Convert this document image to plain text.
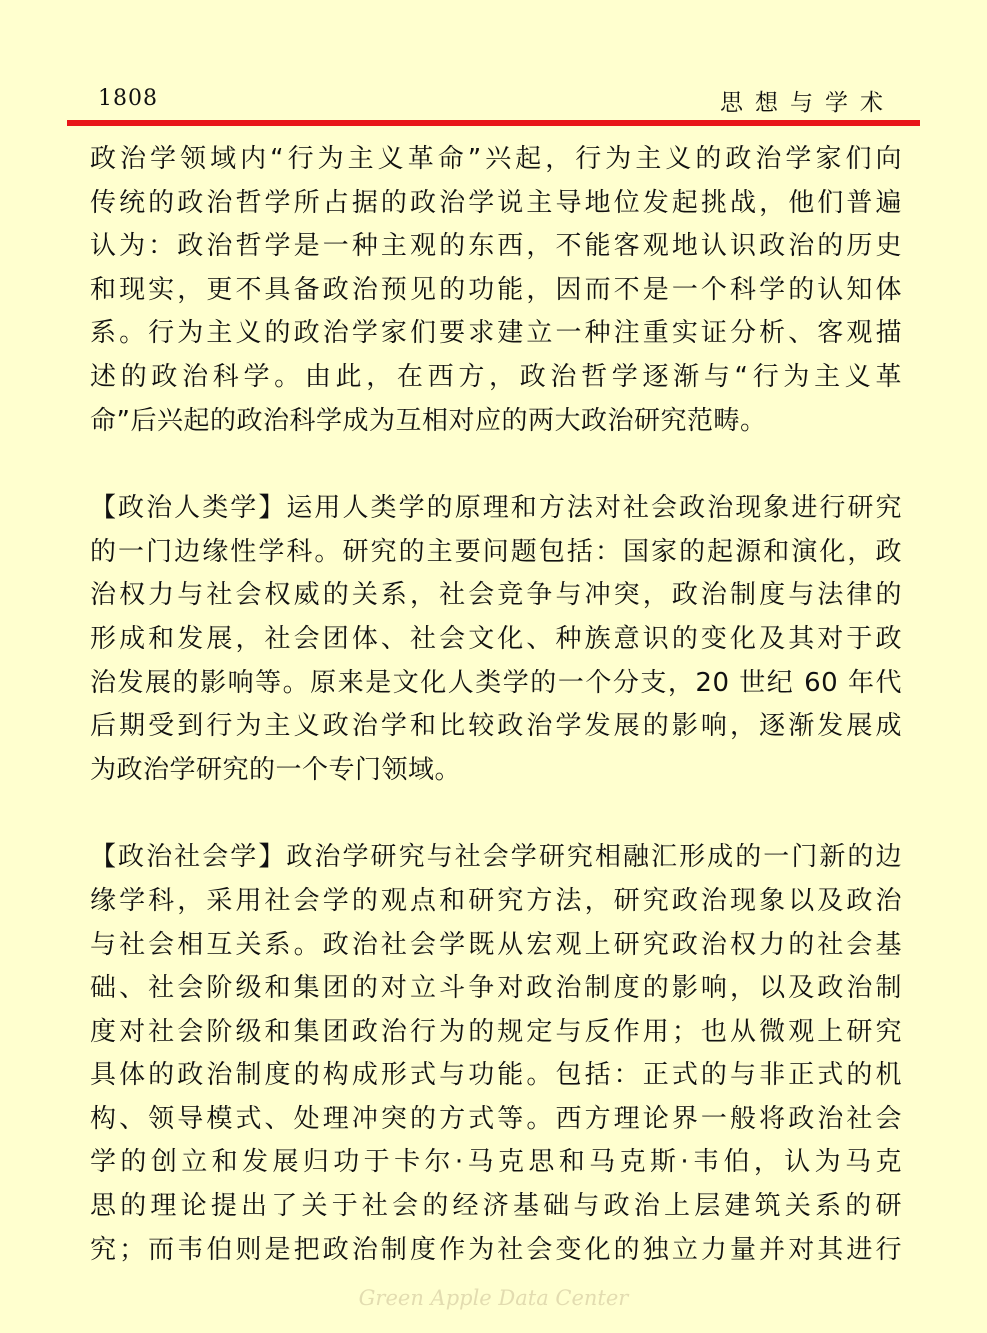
1808	思想与学术
政治学领域内“行为主义革命”兴起，行为主义的政治学家们向
传统的政治哲学所占据的政治学说主导地位发起挑战，他们普遍
认为：政治哲学是一种主观的东西，不能客观地认识政治的历史
和现实，更不具备政治预见的功能，因而不是一个科学的认知体
系。行为主义的政治学家们要求建立一种注重实证分析、客观描
述的政治科学。由此，在西方，政治哲学逐渐与“行为主义革
命”后兴起的政治科学成为互相对应的两大政治研究范畴。
【政治人类学】运用人类学的原理和方法对社会政治现象进行研究
的一门边缘性学科。研究的主要问题包括：国家的起源和演化，政
治权力与社会权威的关系，社会竞争与冲突，政治制度与法律的
形成和发展，社会团体、社会文化、种族意识的变化及其对于政
治发展的影响等。原来是文化人类学的一个分支，20 世纪 60 年代
后期受到行为主义政治学和比较政治学发展的影响，逐渐发展成
为政治学研究的一个专门领域。
【政治社会学】政治学研究与社会学研究相融汇形成的一门新的边
缘学科，采用社会学的观点和研究方法，研究政治现象以及政治
与社会相互关系。政治社会学既从宏观上研究政治权力的社会基
础、社会阶级和集团的对立斗争对政治制度的影响，以及政治制
度对社会阶级和集团政治行为的规定与反作用；也从微观上研究
具体的政治制度的构成形式与功能。包括：正式的与非正式的机
构、领导模式、处理冲突的方式等。西方理论界一般将政治社会
学的创立和发展归功于卡尔·马克思和马克斯·韦伯，认为马克
思的理论提出了关于社会的经济基础与政治上层建筑关系的研
究；而韦伯则是把政治制度作为社会变化的独立力量并对其进行
Green Apple Data Center
